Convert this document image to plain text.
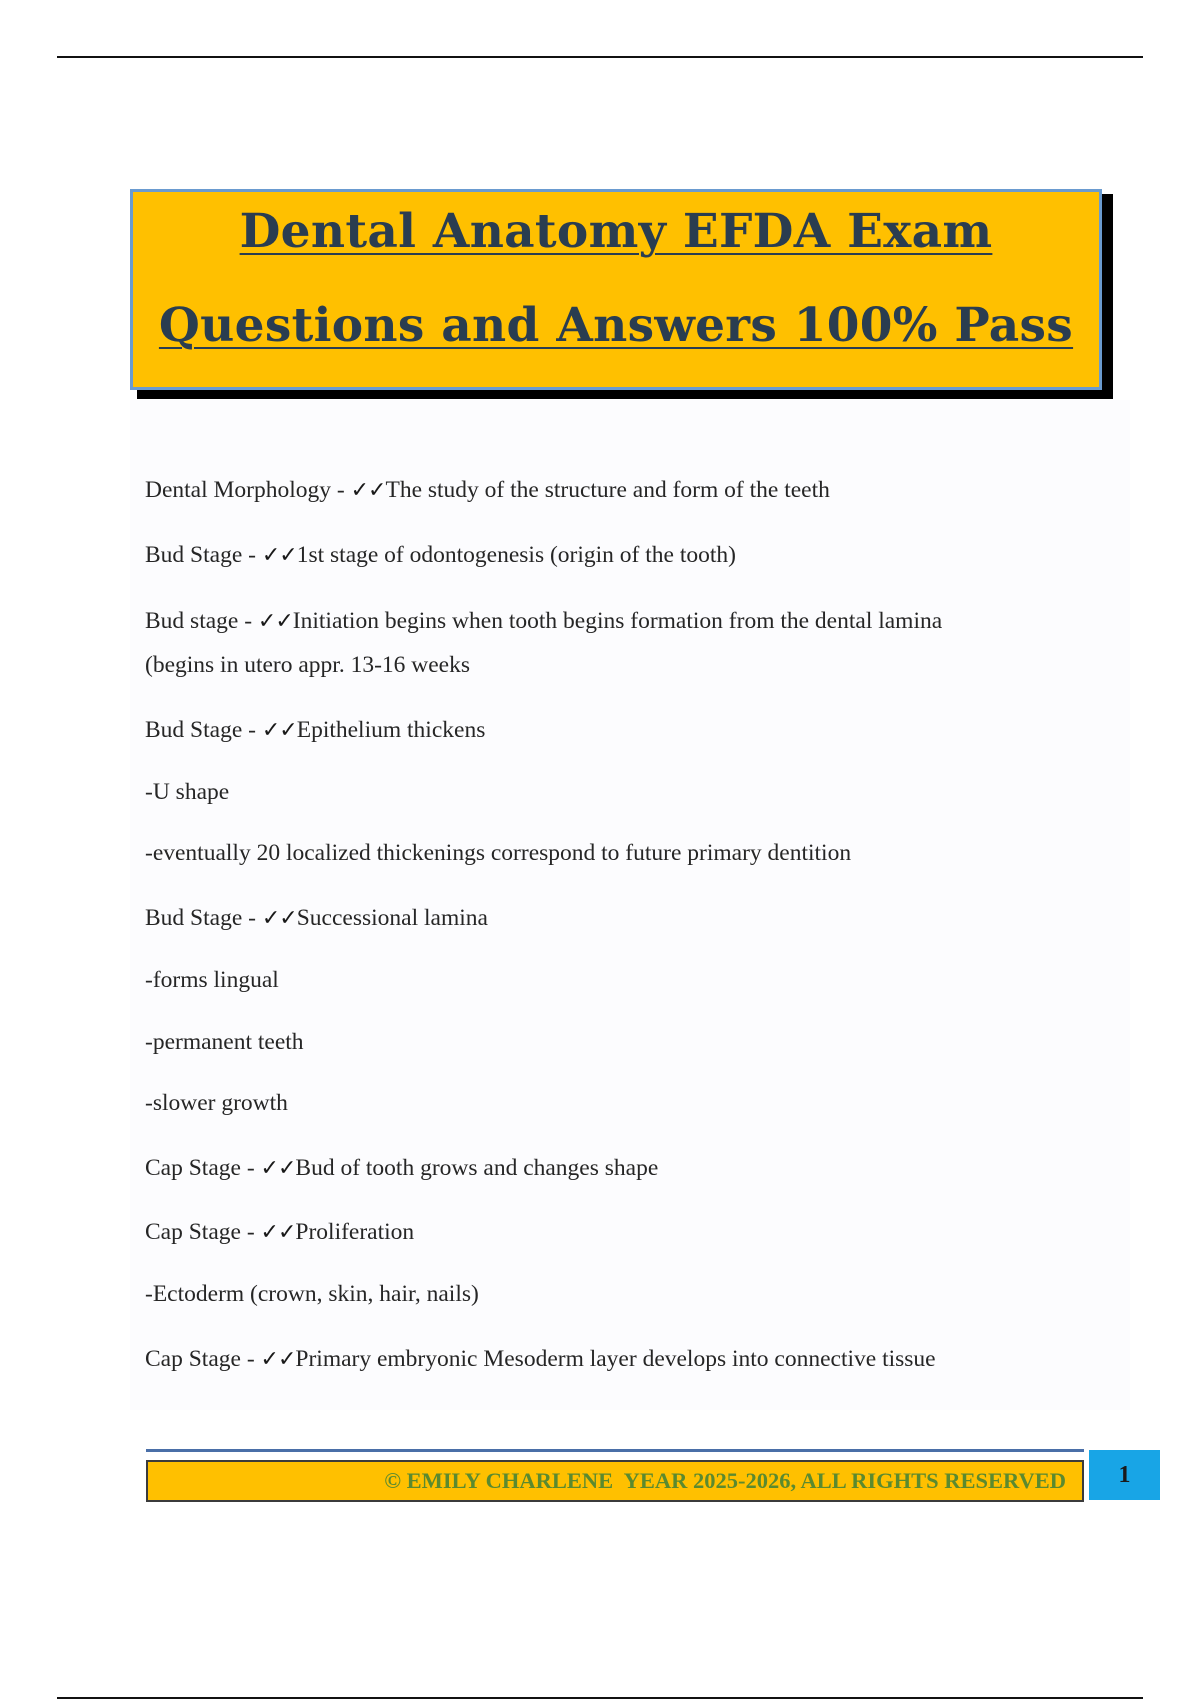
Dental Anatomy EFDA Exam
Questions and Answers 100% Pass
Dental Morphology - ✓✓The study of the structure and form of the teeth
Bud Stage - ✓✓1st stage of odontogenesis (origin of the tooth)
Bud stage - ✓✓Initiation begins when tooth begins formation from the dental lamina
(begins in utero appr. 13-16 weeks
Bud Stage - ✓✓Epithelium thickens
-U shape
-eventually 20 localized thickenings correspond to future primary dentition
Bud Stage - ✓✓Successional lamina
-forms lingual
-permanent teeth
-slower growth
Cap Stage - ✓✓Bud of tooth grows and changes shape
Cap Stage - ✓✓Proliferation
-Ectoderm (crown, skin, hair, nails)
Cap Stage - ✓✓Primary embryonic Mesoderm layer develops into connective tissue
© EMILY CHARLENE  YEAR 2025-2026, ALL RIGHTS RESERVED	1
